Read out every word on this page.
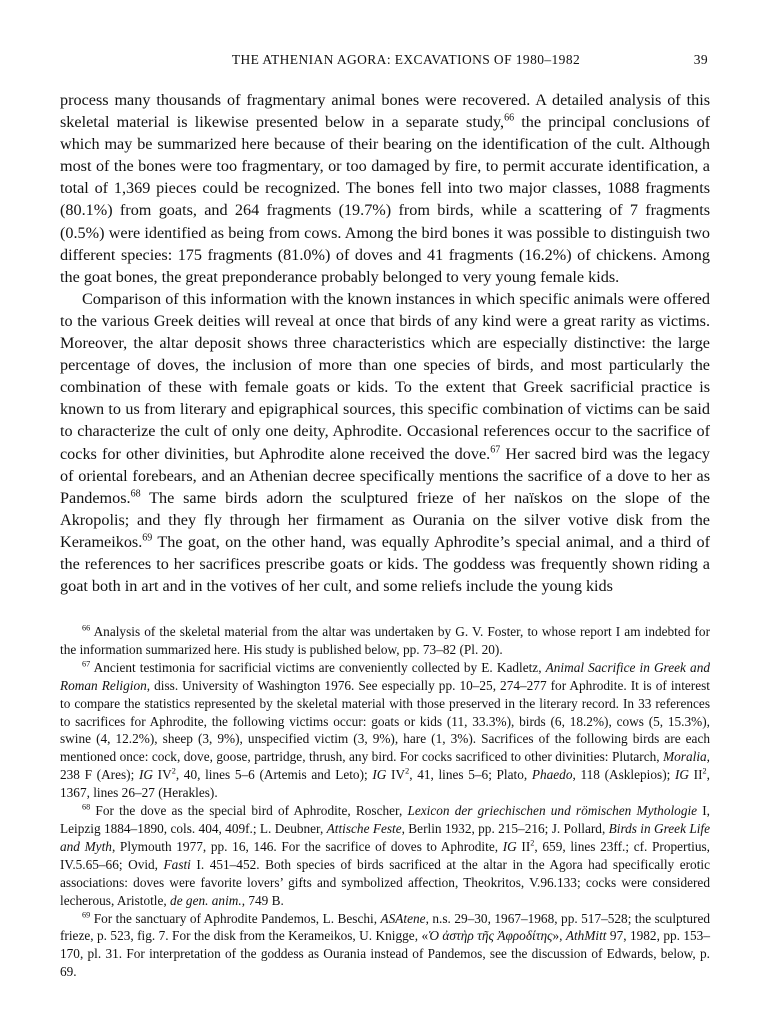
THE ATHENIAN AGORA: EXCAVATIONS OF 1980–1982	39

process many thousands of fragmentary animal bones were recovered. A detailed analysis of this skeletal material is likewise presented below in a separate study,$^{66}$ the principal conclusions of which may be summarized here because of their bearing on the identification of the cult. Although most of the bones were too fragmentary, or too damaged by fire, to permit accurate identification, a total of 1,369 pieces could be recognized. The bones fell into two major classes, 1088 fragments (80.1%) from goats, and 264 fragments (19.7%) from birds, while a scattering of 7 fragments (0.5%) were identified as being from cows. Among the bird bones it was possible to distinguish two different species: 175 fragments (81.0%) of doves and 41 fragments (16.2%) of chickens. Among the goat bones, the great preponderance probably belonged to very young female kids.

Comparison of this information with the known instances in which specific animals were offered to the various Greek deities will reveal at once that birds of any kind were a great rarity as victims. Moreover, the altar deposit shows three characteristics which are especially distinctive: the large percentage of doves, the inclusion of more than one species of birds, and most particularly the combination of these with female goats or kids. To the extent that Greek sacrificial practice is known to us from literary and epigraphical sources, this specific combination of victims can be said to characterize the cult of only one deity, Aphrodite. Occasional references occur to the sacrifice of cocks for other divinities, but Aphrodite alone received the dove.$^{67}$ Her sacred bird was the legacy of oriental forebears, and an Athenian decree specifically mentions the sacrifice of a dove to her as Pandemos.$^{68}$ The same birds adorn the sculptured frieze of her naïskos on the slope of the Akropolis; and they fly through her firmament as Ourania on the silver votive disk from the Kerameikos.$^{69}$ The goat, on the other hand, was equally Aphrodite’s special animal, and a third of the references to her sacrifices prescribe goats or kids. The goddess was frequently shown riding a goat both in art and in the votives of her cult, and some reliefs include the young kids

$^{66}$ Analysis of the skeletal material from the altar was undertaken by G. V. Foster, to whose report I am indebted for the information summarized here. His study is published below, pp. 73–82 (Pl. 20).

$^{67}$ Ancient testimonia for sacrificial victims are conveniently collected by E. Kadletz, Animal Sacrifice in Greek and Roman Religion, diss. University of Washington 1976. See especially pp. 10–25, 274–277 for Aphrodite. It is of interest to compare the statistics represented by the skeletal material with those preserved in the literary record. In 33 references to sacrifices for Aphrodite, the following victims occur: goats or kids (11, 33.3%), birds (6, 18.2%), cows (5, 15.3%), swine (4, 12.2%), sheep (3, 9%), unspecified victim (3, 9%), hare (1, 3%). Sacrifices of the following birds are each mentioned once: cock, dove, goose, partridge, thrush, any bird. For cocks sacrificed to other divinities: Plutarch, Moralia, 238 F (Ares); IG $IV^2$, 40, lines 5–6 (Artemis and Leto); IG $IV^2$, 41, lines 5–6; Plato, Phaedo, 118 (Asklepios); IG $II^2$, 1367, lines 26–27 (Herakles).

$^{68}$ For the dove as the special bird of Aphrodite, Roscher, Lexicon der griechischen und römischen Mythologie I, Leipzig 1884–1890, cols. 404, 409f.; L. Deubner, Attische Feste, Berlin 1932, pp. 215–216; J. Pollard, Birds in Greek Life and Myth, Plymouth 1977, pp. 16, 146. For the sacrifice of doves to Aphrodite, IG $II^2$, 659, lines 23ff.; cf. Propertius, IV.5.65–66; Ovid, Fasti I. 451–452. Both species of birds sacrificed at the altar in the Agora had specifically erotic associations: doves were favorite lovers’ gifts and symbolized affection, Theokritos, V.96.133; cocks were considered lecherous, Aristotle, de gen. anim., 749 B.

$^{69}$ For the sanctuary of Aphrodite Pandemos, L. Beschi, ASAtene, n.s. 29–30, 1967–1968, pp. 517–528; the sculptured frieze, p. 523, fig. 7. For the disk from the Kerameikos, U. Knigge, «Ὁ ἀστὴρ τῆς Ἀφροδίτης», AthMitt 97, 1982, pp. 153–170, pl. 31. For interpretation of the goddess as Ourania instead of Pandemos, see the discussion of Edwards, below, p. 69.
